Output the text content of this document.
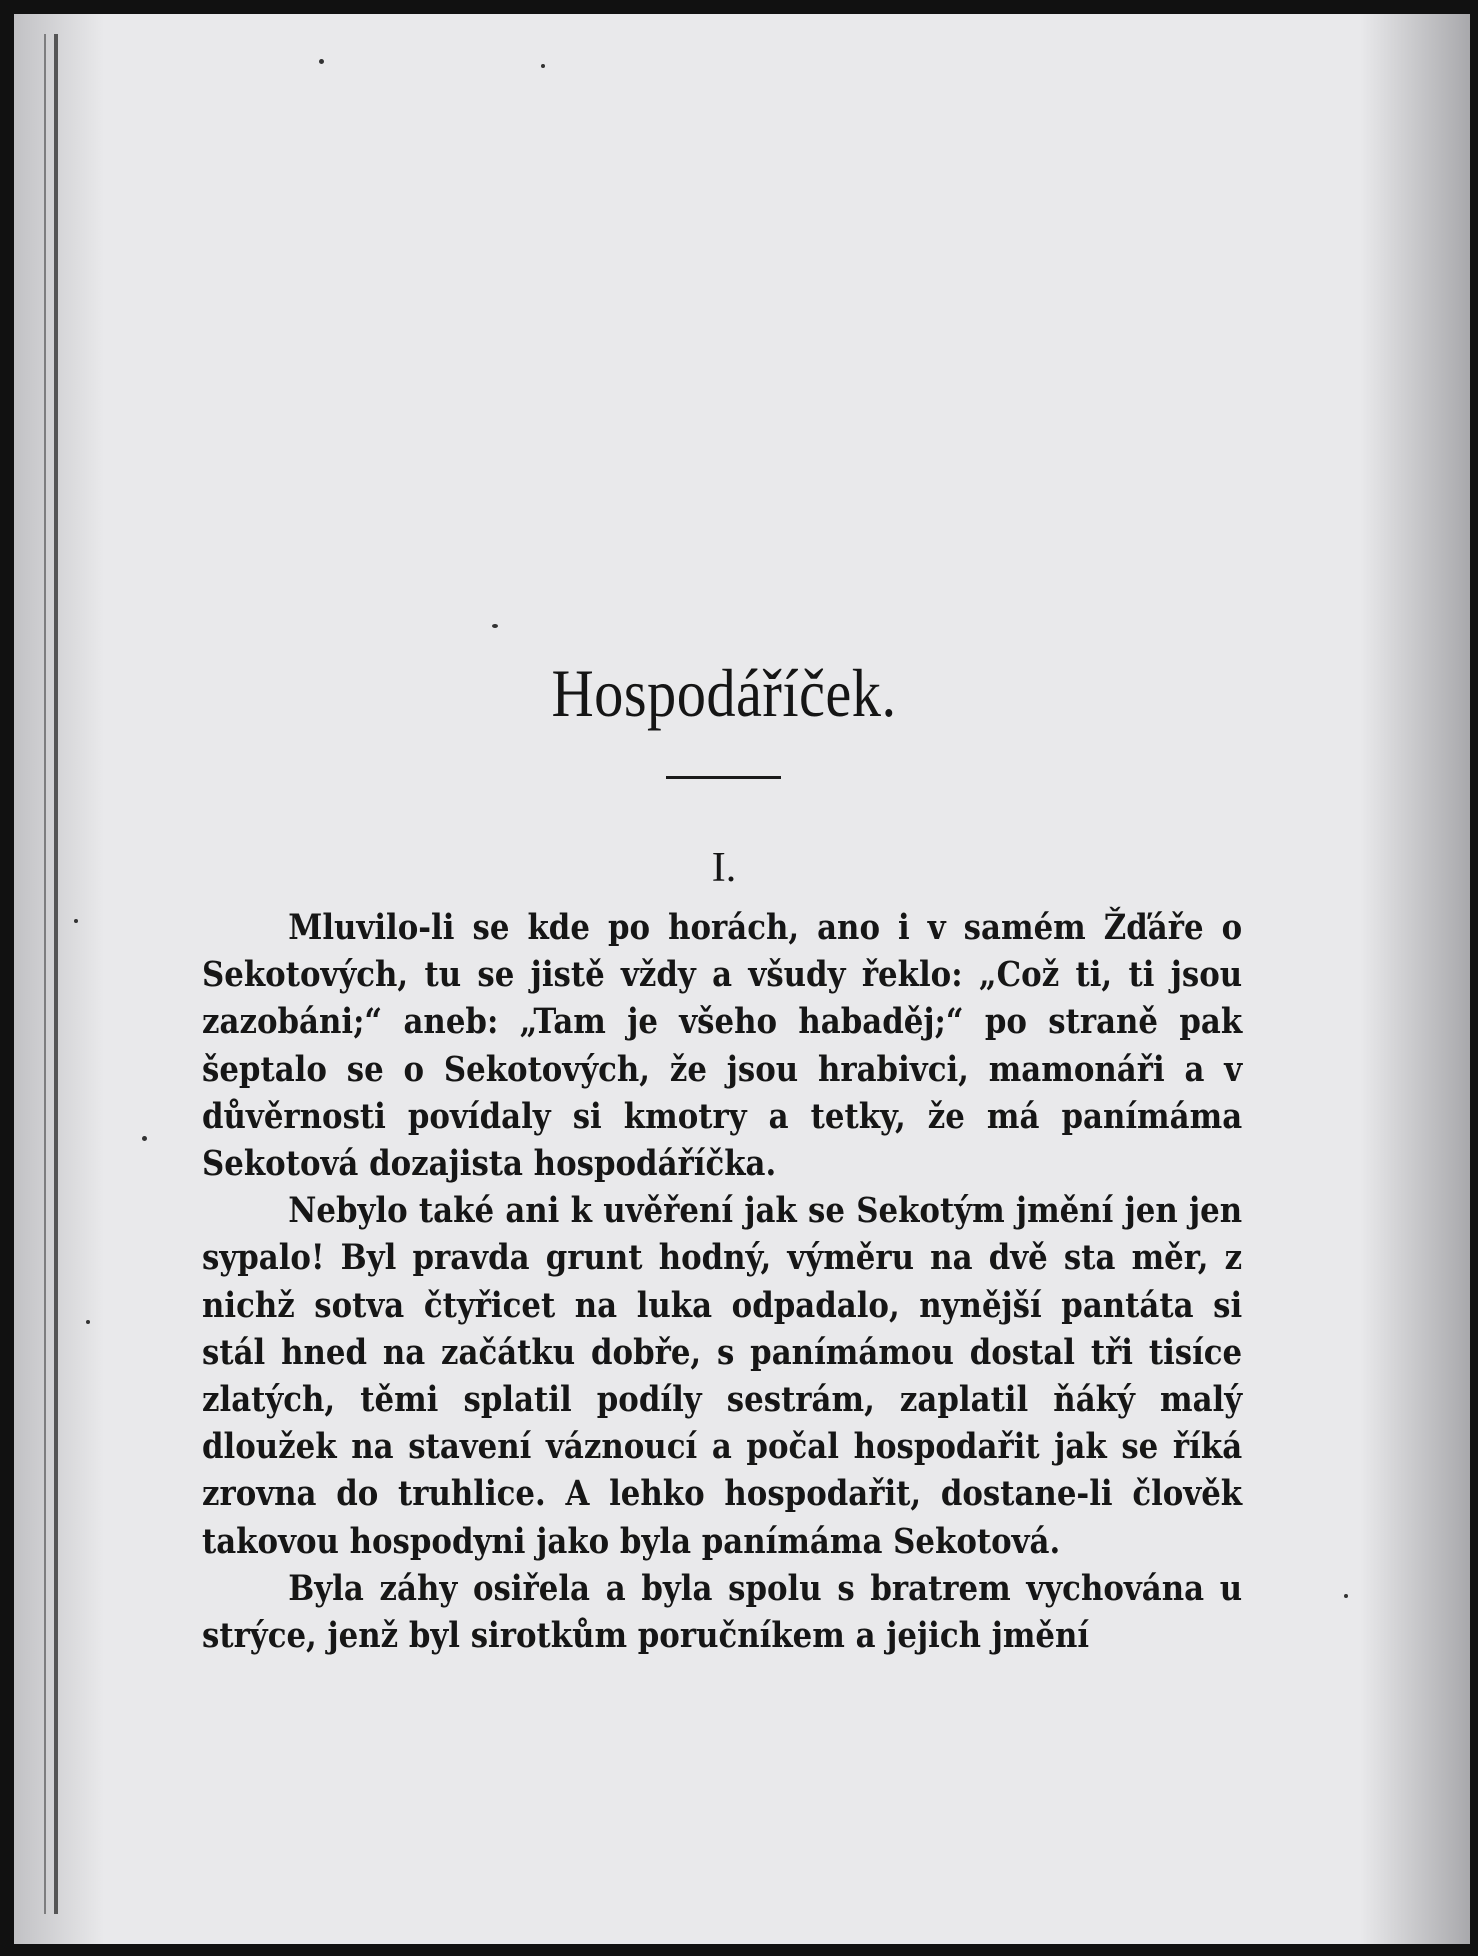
Hospodáříček.
I.

Mluvilo-li se kde po horách, ano i v samém Žďáře o Sekotových, tu se jistě vždy a všudy řeklo: „Což ti, ti jsou zazobáni;“ aneb: „Tam je všeho habaděj;“ po straně pak šeptalo se o Sekotových, že jsou hrabivci, mamonáři a v důvěrnosti povídaly si kmotry a tetky, že má panímáma Sekotová dozajista hospodáříčka.

Nebylo také ani k uvěření jak se Sekotým jmění jen jen sypalo! Byl pravda grunt hodný, výměru na dvě sta měr, z nichž sotva čtyřicet na luka odpadalo, nynější pantáta si stál hned na začátku dobře, s panímámou dostal tři tisíce zlatých, těmi splatil podíly sestrám, zaplatil ňáký malý dloužek na stavení váznoucí a počal hospodařit jak se říká zrovna do truhlice. A lehko hospodařit, dostane-li člověk takovou hospodyni jako byla panímáma Sekotová.

Byla záhy osiřela a byla spolu s bratrem vychována u strýce, jenž byl sirotkům poručníkem a jejich jmění
